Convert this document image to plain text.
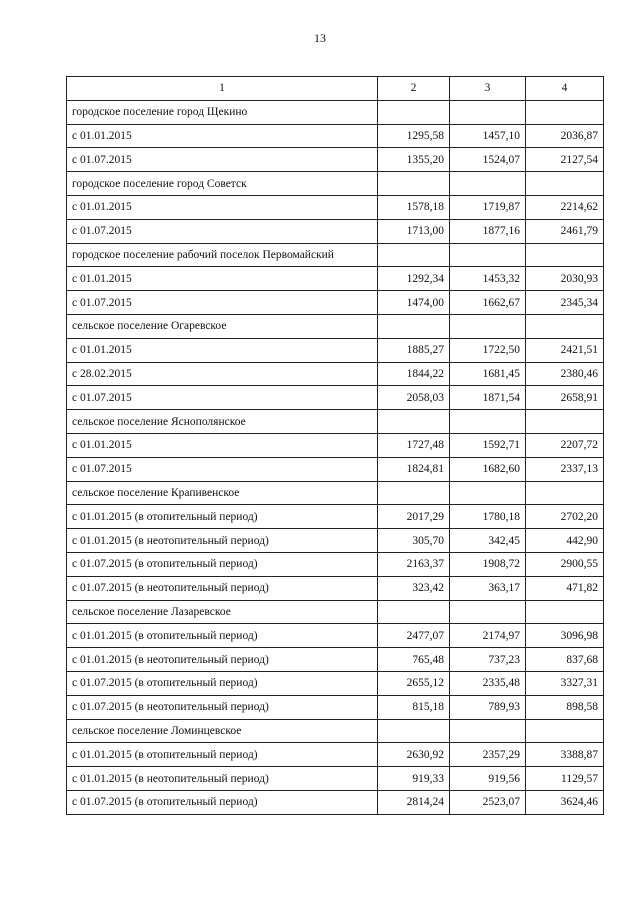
13
1	2	3	4
городское поселение город Щекино			
с 01.01.2015	1295,58	1457,10	2036,87
с 01.07.2015	1355,20	1524,07	2127,54
городское поселение город Советск			
с 01.01.2015	1578,18	1719,87	2214,62
с 01.07.2015	1713,00	1877,16	2461,79
городское поселение рабочий поселок Первомайский			
с 01.01.2015	1292,34	1453,32	2030,93
с 01.07.2015	1474,00	1662,67	2345,34
сельское поселение Огаревское			
с 01.01.2015	1885,27	1722,50	2421,51
с 28.02.2015	1844,22	1681,45	2380,46
с 01.07.2015	2058,03	1871,54	2658,91
сельское поселение Яснополянское			
с 01.01.2015	1727,48	1592,71	2207,72
с 01.07.2015	1824,81	1682,60	2337,13
сельское поселение Крапивенское			
с 01.01.2015 (в отопительный период)	2017,29	1780,18	2702,20
с 01.01.2015 (в неотопительный период)	305,70	342,45	442,90
с 01.07.2015 (в отопительный период)	2163,37	1908,72	2900,55
с 01.07.2015 (в неотопительный период)	323,42	363,17	471,82
сельское поселение Лазаревское			
с 01.01.2015 (в отопительный период)	2477,07	2174,97	3096,98
с 01.01.2015 (в неотопительный период)	765,48	737,23	837,68
с 01.07.2015 (в отопительный период)	2655,12	2335,48	3327,31
с 01.07.2015 (в неотопительный период)	815,18	789,93	898,58
сельское поселение Ломинцевское			
с 01.01.2015 (в отопительный период)	2630,92	2357,29	3388,87
с 01.01.2015 (в неотопительный период)	919,33	919,56	1129,57
с 01.07.2015 (в отопительный период)	2814,24	2523,07	3624,46
